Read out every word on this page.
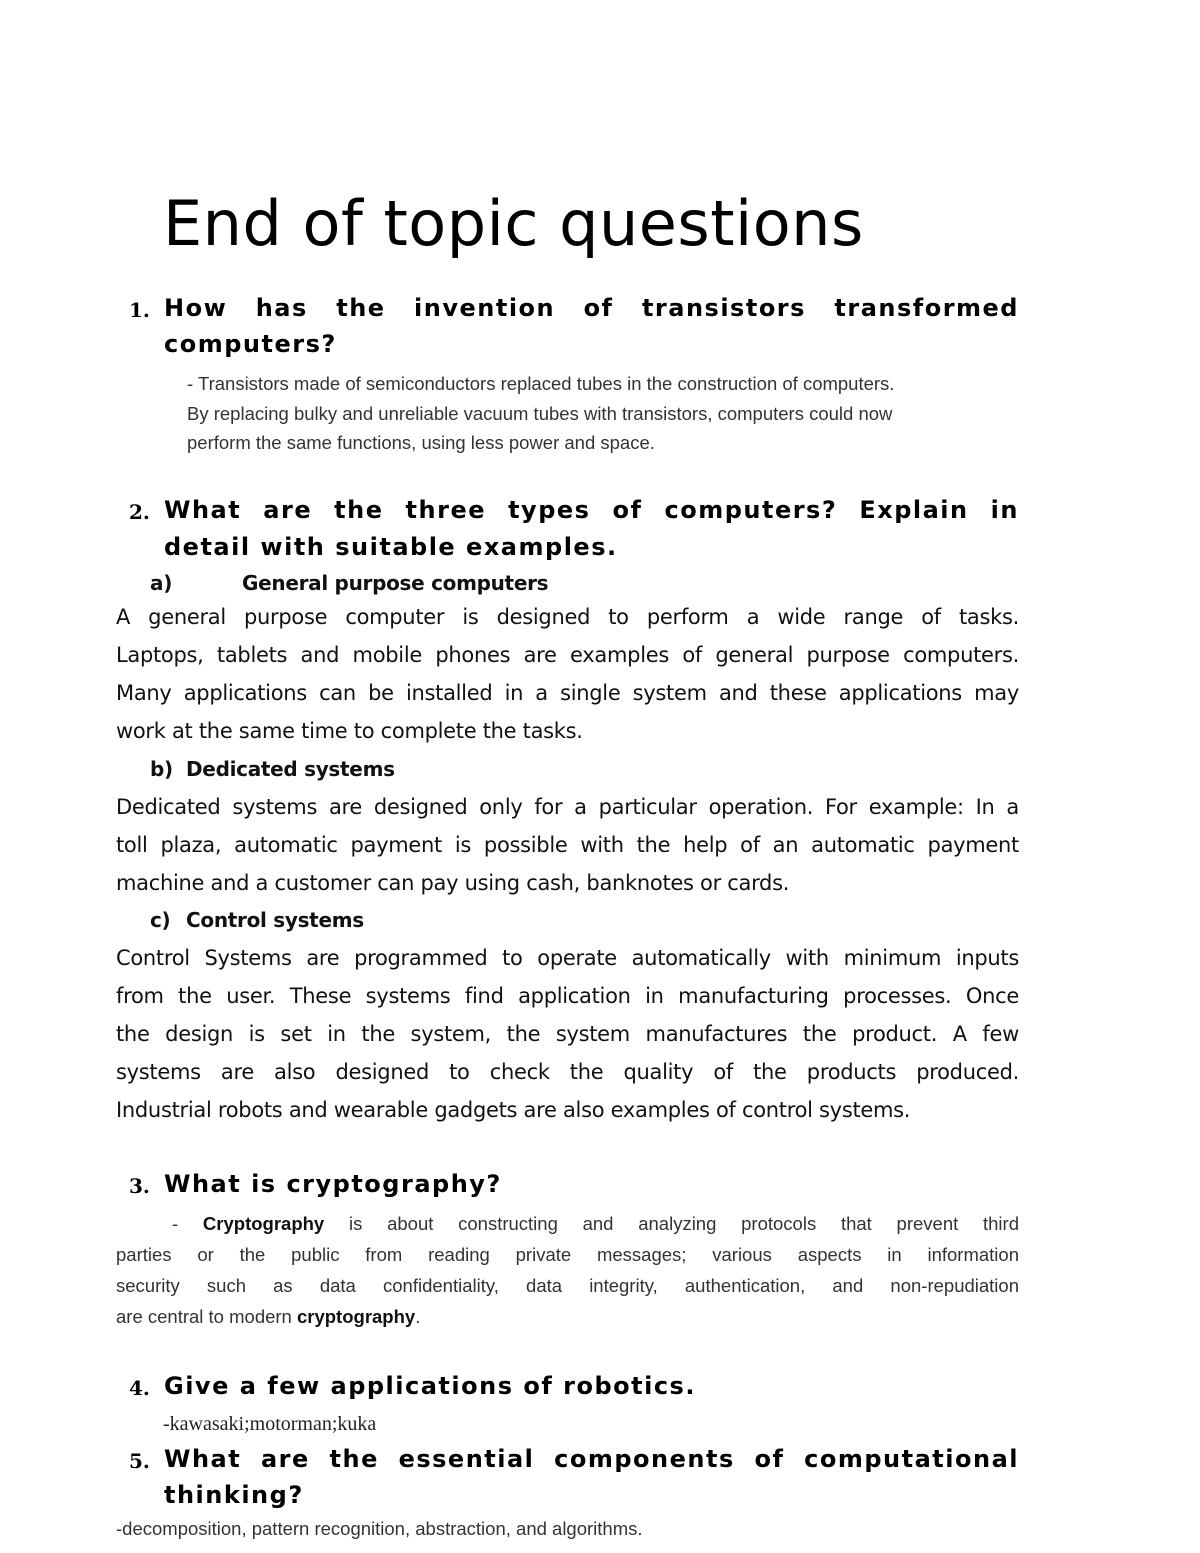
End of topic questions
1. How has the invention of transistors transformed
computers?
- Transistors made of semiconductors replaced tubes in the construction of computers.
By replacing bulky and unreliable vacuum tubes with transistors, computers could now
perform the same functions, using less power and space.
2. What are the three types of computers? Explain in
detail with suitable examples.
a)	General purpose computers
A general purpose computer is designed to perform a wide range of tasks.
Laptops, tablets and mobile phones are examples of general purpose computers.
Many applications can be installed in a single system and these applications may
work at the same time to complete the tasks.
b) Dedicated systems
Dedicated systems are designed only for a particular operation. For example: In a
toll plaza, automatic payment is possible with the help of an automatic payment
machine and a customer can pay using cash, banknotes or cards.
c) Control systems
Control Systems are programmed to operate automatically with minimum inputs
from the user. These systems find application in manufacturing processes. Once
the design is set in the system, the system manufactures the product. A few
systems are also designed to check the quality of the products produced.
Industrial robots and wearable gadgets are also examples of control systems.
3. What is cryptography?
- Cryptography is about constructing and analyzing protocols that prevent third
parties or the public from reading private messages; various aspects in information
security such as data confidentiality, data integrity, authentication, and non-repudiation
are central to modern cryptography.
4. Give a few applications of robotics.
-kawasaki;motorman;kuka
5. What are the essential components of computational
thinking?
-decomposition, pattern recognition, abstraction, and algorithms.
